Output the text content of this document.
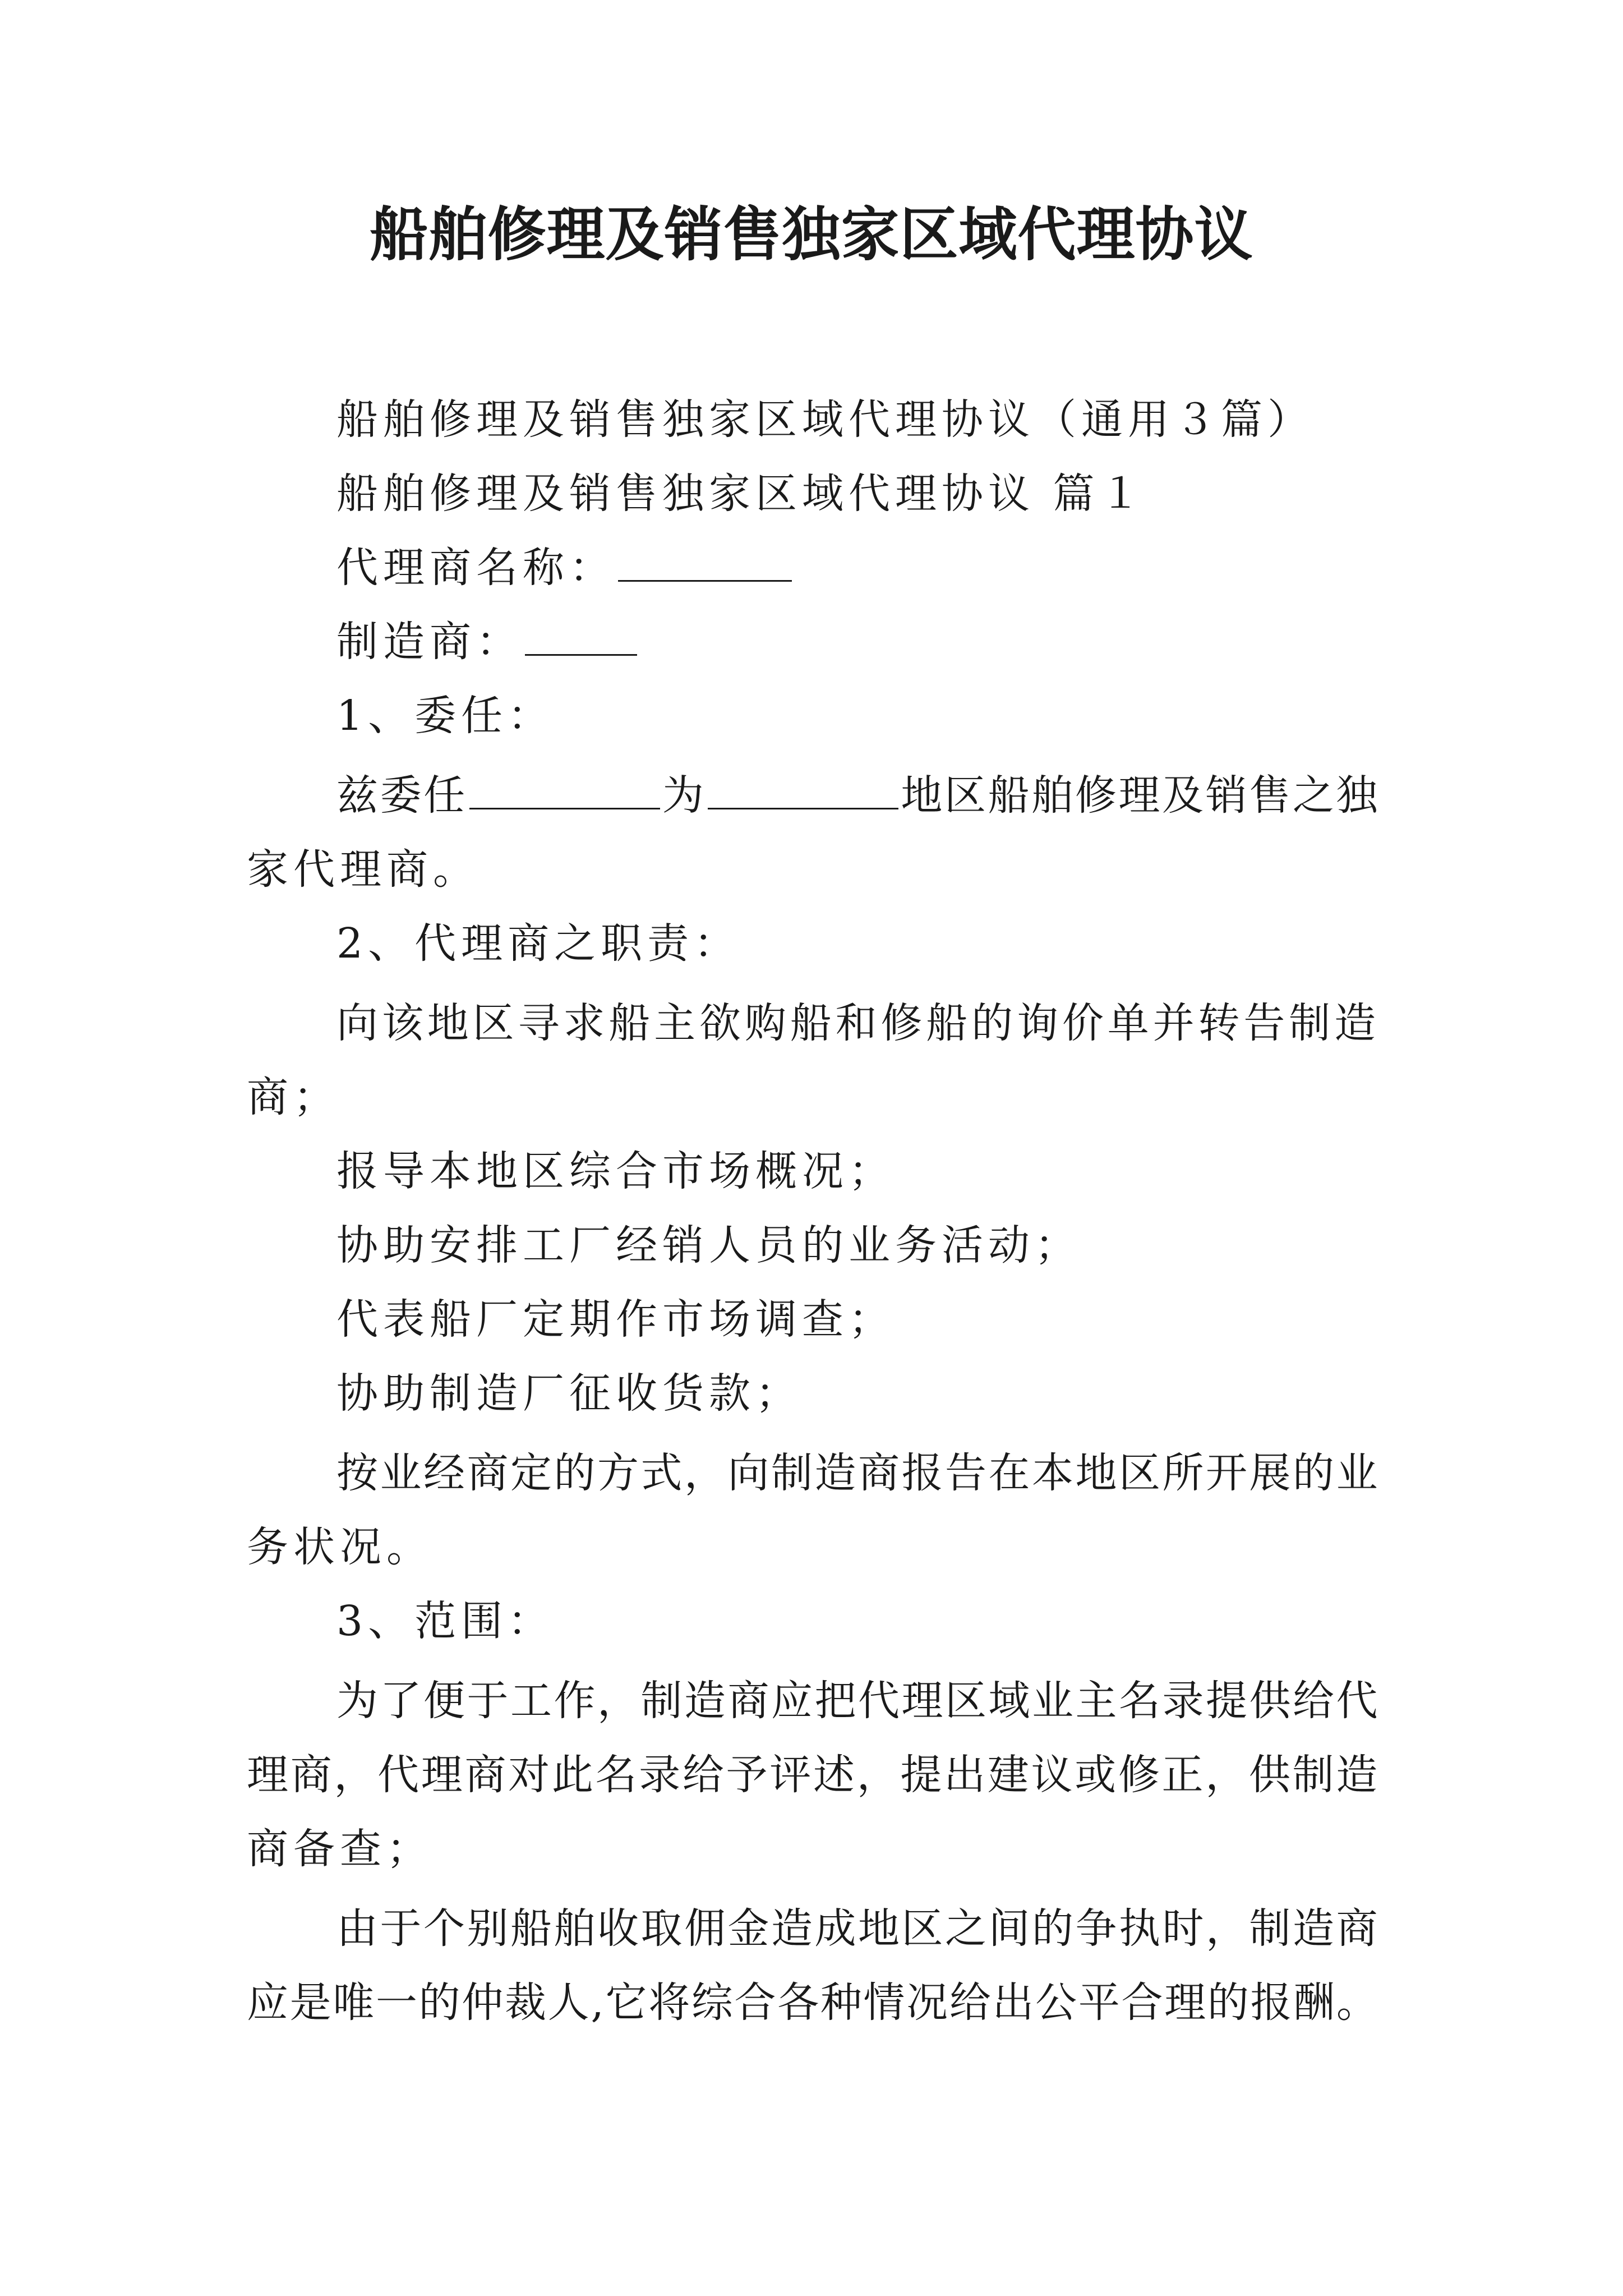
船舶修理及销售独家区域代理协议
船舶修理及销售独家区域代理协议（通用３篇）
船舶修理及销售独家区域代理协议 篇１
代理商名称：
制造商：
1、委任：
兹委任	为	地区船舶修理及销售之独
家代理商。
2、代理商之职责：
向该地区寻求船主欲购船和修船的询价单并转告制造
商；
报导本地区综合市场概况；
协助安排工厂经销人员的业务活动；
代表船厂定期作市场调查；
协助制造厂征收货款；
按业经商定的方式，向制造商报告在本地区所开展的业
务状况。
3、范围：
为了便于工作，制造商应把代理区域业主名录提供给代
理商，代理商对此名录给予评述，提出建议或修正，供制造
商备查；
由于个别船舶收取佣金造成地区之间的争执时，制造商
应是唯一的仲裁人,它将综合各种情况给出公平合理的报酬。
